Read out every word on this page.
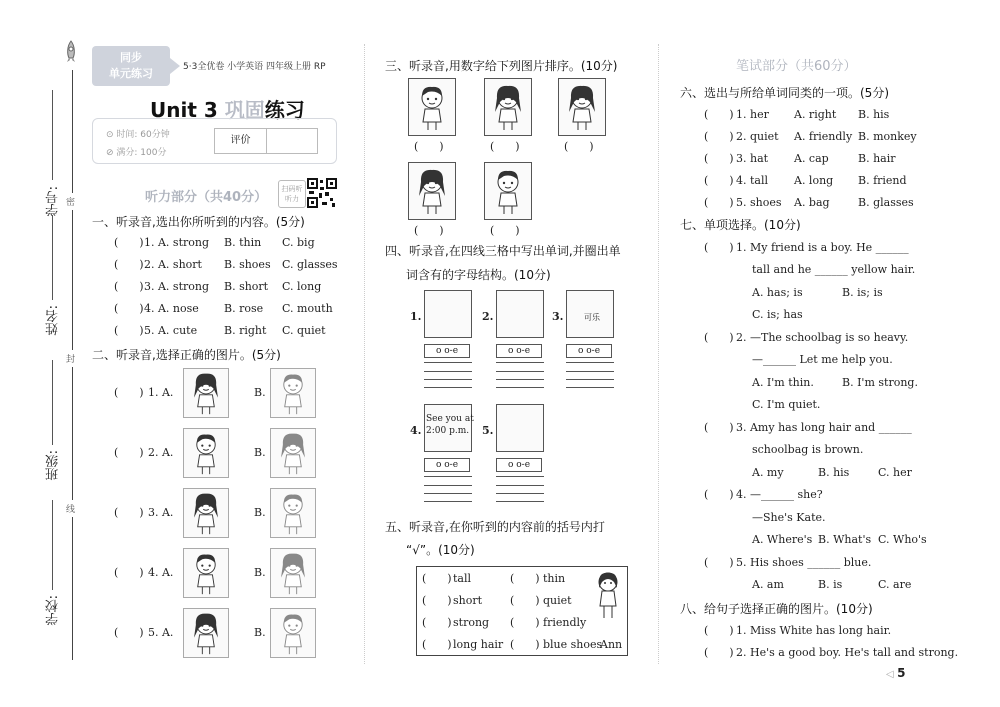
密
封
线
学号:
姓名:
班级:
学校:
同步
单元练习	5·3全优卷 小学英语 四年级上册 RP
Unit 3 巩固练习
⊙ 时间: 60分钟
⊘ 满分: 100分
评价
听力部分（共40分）
扫码听听力
一、听录音,选出你所听到的内容。(5分)
(      ) 1. A. strong B. thin C. big
(      ) 2. A. short B. shoes C. glasses
(      ) 3. A. strong B. short C. long
(      ) 4. A. nose B. rose C. mouth
(      ) 5. A. cute B. right C. quiet
二、听录音,选择正确的图片。(5分)
(      ) 1. A.	B.
(      ) 2. A.	B.
(      ) 3. A.	B.
(      ) 4. A.	B.
(      ) 5. A.	B.
三、听录音,用数字给下列图片排序。(10分)
(      )	(      )	(      )
(      )	(      )
四、听录音,在四线三格中写出单词,并圈出单
词含有的字母结构。(10分)
1.
o o-e
2.
o o-e
3.	可乐
o o-e
4.
See you at
2:00 p.m.
o o-e
5.
o o-e
五、听录音,在你听到的内容前的括号内打
“√”。(10分)
(      ) tall	(      ) thin
(      ) short	(      ) quiet
(      ) strong (      ) friendly
(      ) long hair (      ) blue shoes
Ann
笔试部分（共60分）
六、选出与所给单词同类的一项。(5分)
(      ) 1. her A. right B. his
(      ) 2. quiet A. friendly B. monkey
(      ) 3. hat A. cap	B. hair
(      ) 4. tall A. long B. friend
(      ) 5. shoes A. bag	B. glasses
七、单项选择。(10分)
(      ) 1. My friend is a boy. He ______
tall and he ______ yellow hair.
A. has; is	B. is; is
C. is; has
(      ) 2. —The schoolbag is so heavy.
—______ Let me help you.
A. I'm thin.	B. I'm strong.
C. I'm quiet.
(      ) 3. Amy has long hair and ______
schoolbag is brown.
A. my	B. his	C. her
(      ) 4. —______ she?
—She's Kate.
A. Where's B. What's C. Who's
(      ) 5. His shoes ______ blue.
A. am	B. is	C. are
八、给句子选择正确的图片。(10分)
(      ) 1. Miss White has long hair.
(      ) 2. He's a good boy. He's tall and strong.
◁ 5
